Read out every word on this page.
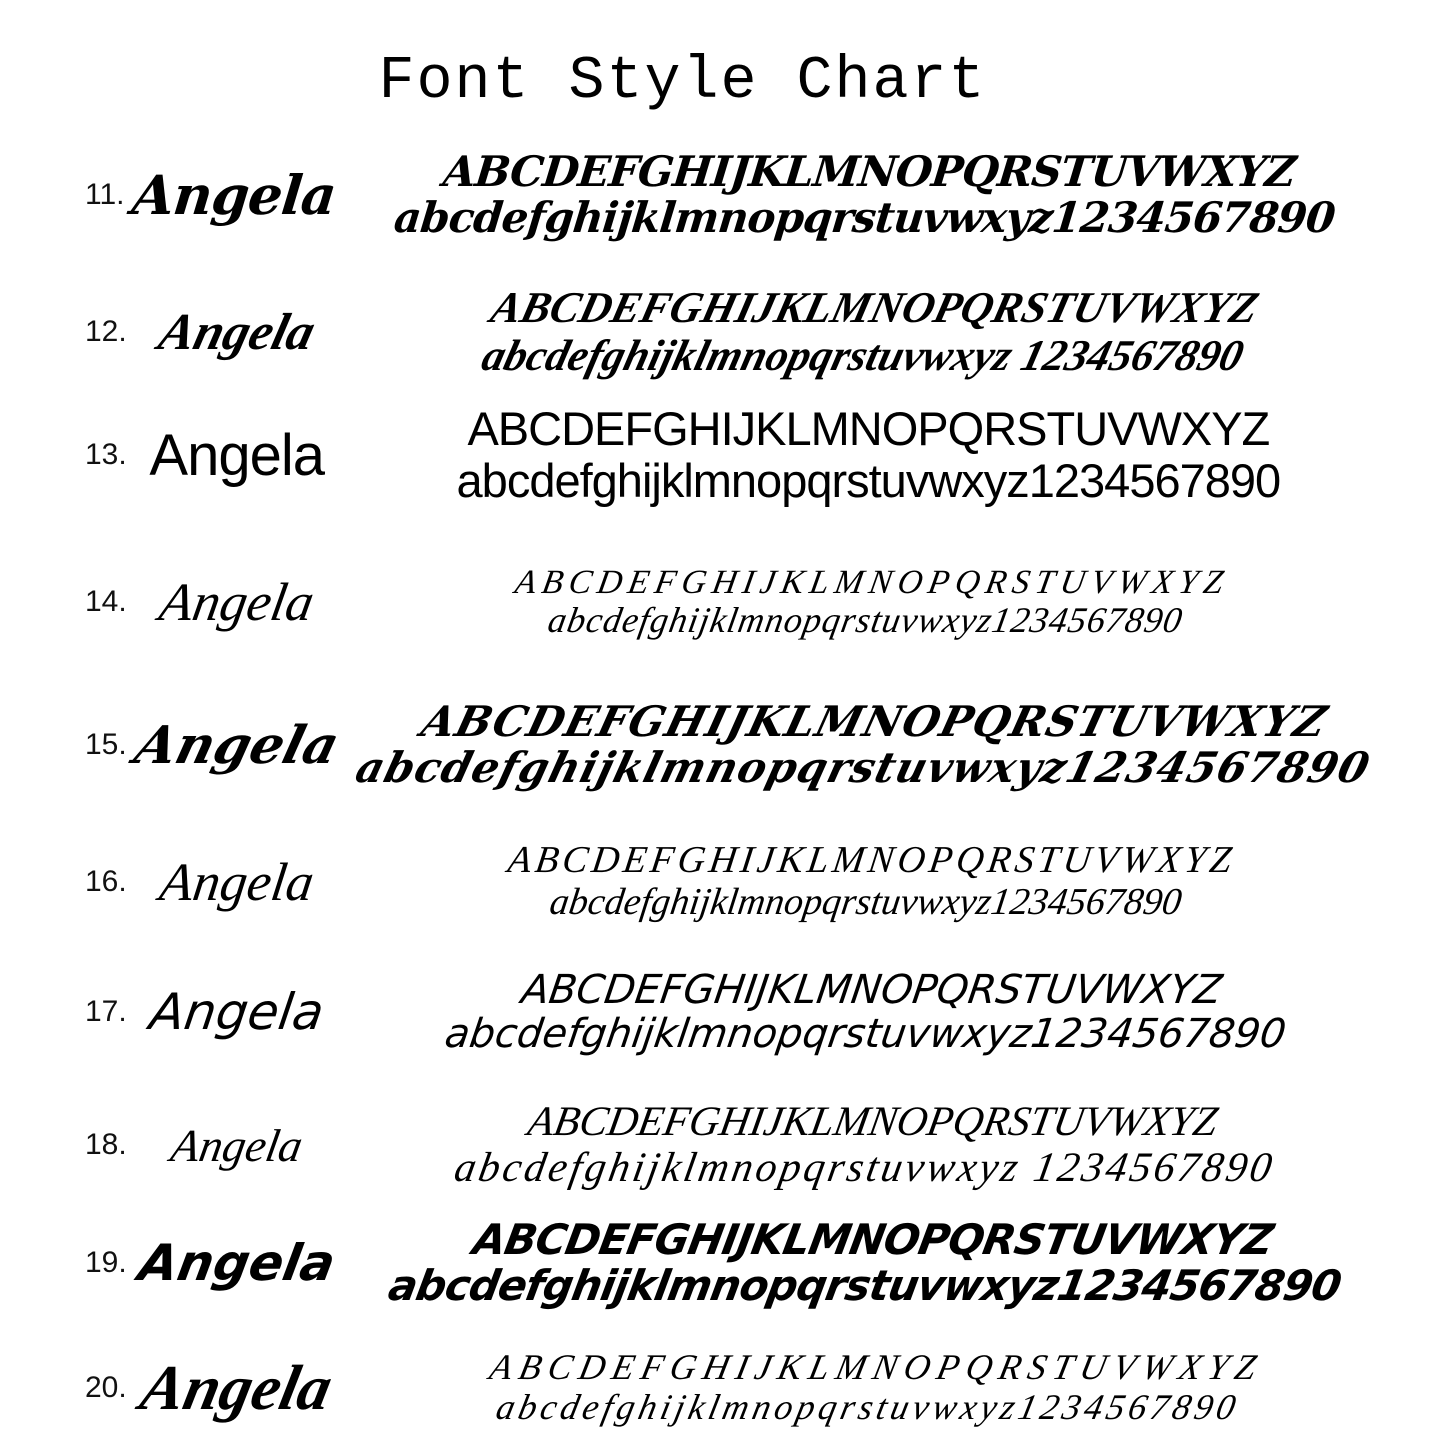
Font Style Chart
11. Angela	ABCDEFGHIJKLMNOPQRSTUVWXYZ
abcdefghijklmnopqrstuvwxyz1234567890
12. Angela	ABCDEFGHIJKLMNOPQRSTUVWXYZ
abcdefghijklmnopqrstuvwxyz 1234567890
13. Angela	ABCDEFGHIJKLMNOPQRSTUVWXYZ
abcdefghijklmnopqrstuvwxyz1234567890
14. Angela	ABCDEFGHIJKLMNOPQRSTUVWXYZ
abcdefghijklmnopqrstuvwxyz1234567890
15. Angela	ABCDEFGHIJKLMNOPQRSTUVWXYZ
abcdefghijklmnopqrstuvwxyz1234567890
16. Angela	ABCDEFGHIJKLMNOPQRSTUVWXYZ
abcdefghijklmnopqrstuvwxyz1234567890
17. Angela	ABCDEFGHIJKLMNOPQRSTUVWXYZ
abcdefghijklmnopqrstuvwxyz1234567890
18. Angela	ABCDEFGHIJKLMNOPQRSTUVWXYZ
abcdefghijklmnopqrstuvwxyz 1234567890
19. Angela	ABCDEFGHIJKLMNOPQRSTUVWXYZ
abcdefghijklmnopqrstuvwxyz1234567890
20. Angela	ABCDEFGHIJKLMNOPQRSTUVWXYZ
abcdefghijklmnopqrstuvwxyz1234567890
